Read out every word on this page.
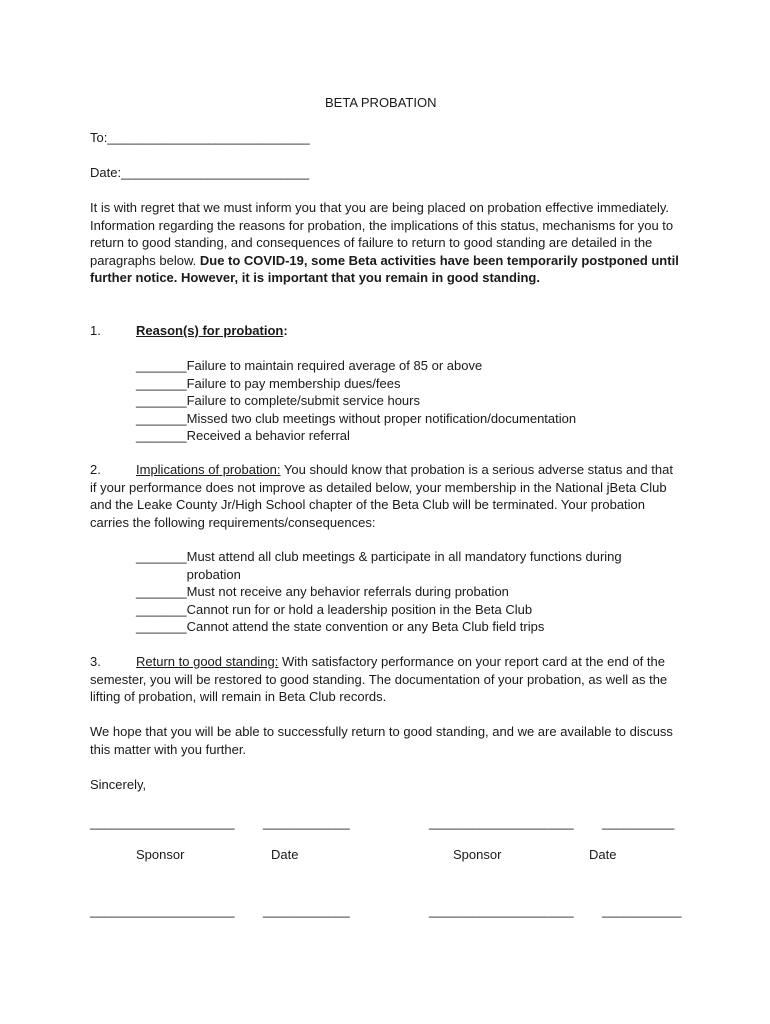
BETA PROBATION
To:____________________________
Date:__________________________
It is with regret that we must inform you that you are being placed on probation effective immediately. Information regarding the reasons for probation, the implications of this status, mechanisms for you to return to good standing, and consequences of failure to return to good standing are detailed in the paragraphs below. Due to COVID-19, some Beta activities have been temporarily postponed until further notice. However, it is important that you remain in good standing.
1.	Reason(s) for probation:
_______Failure to maintain required average of 85 or above
_______Failure to pay membership dues/fees
_______Failure to complete/submit service hours
_______Missed two club meetings without proper notification/documentation
_______Received a behavior referral
2.	Implications of probation: You should know that probation is a serious adverse status and that if your performance does not improve as detailed below, your membership in the National jBeta Club and the Leake County Jr/High School chapter of the Beta Club will be terminated. Your probation carries the following requirements/consequences:
_______ Must attend all club meetings & participate in all mandatory functions during probation
_______ Must not receive any behavior referrals during probation
_______ Cannot run for or hold a leadership position in the Beta Club
_______ Cannot attend the state convention or any Beta Club field trips
3.	Return to good standing: With satisfactory performance on your report card at the end of the semester, you will be restored to good standing. The documentation of your probation, as well as the lifting of probation, will remain in Beta Club records.
We hope that you will be able to successfully return to good standing, and we are available to discuss this matter with you further.
Sincerely,
____________________ ____________	____________________ __________
Sponsor	Date	Sponsor	Date
____________________ ____________	____________________ ___________
